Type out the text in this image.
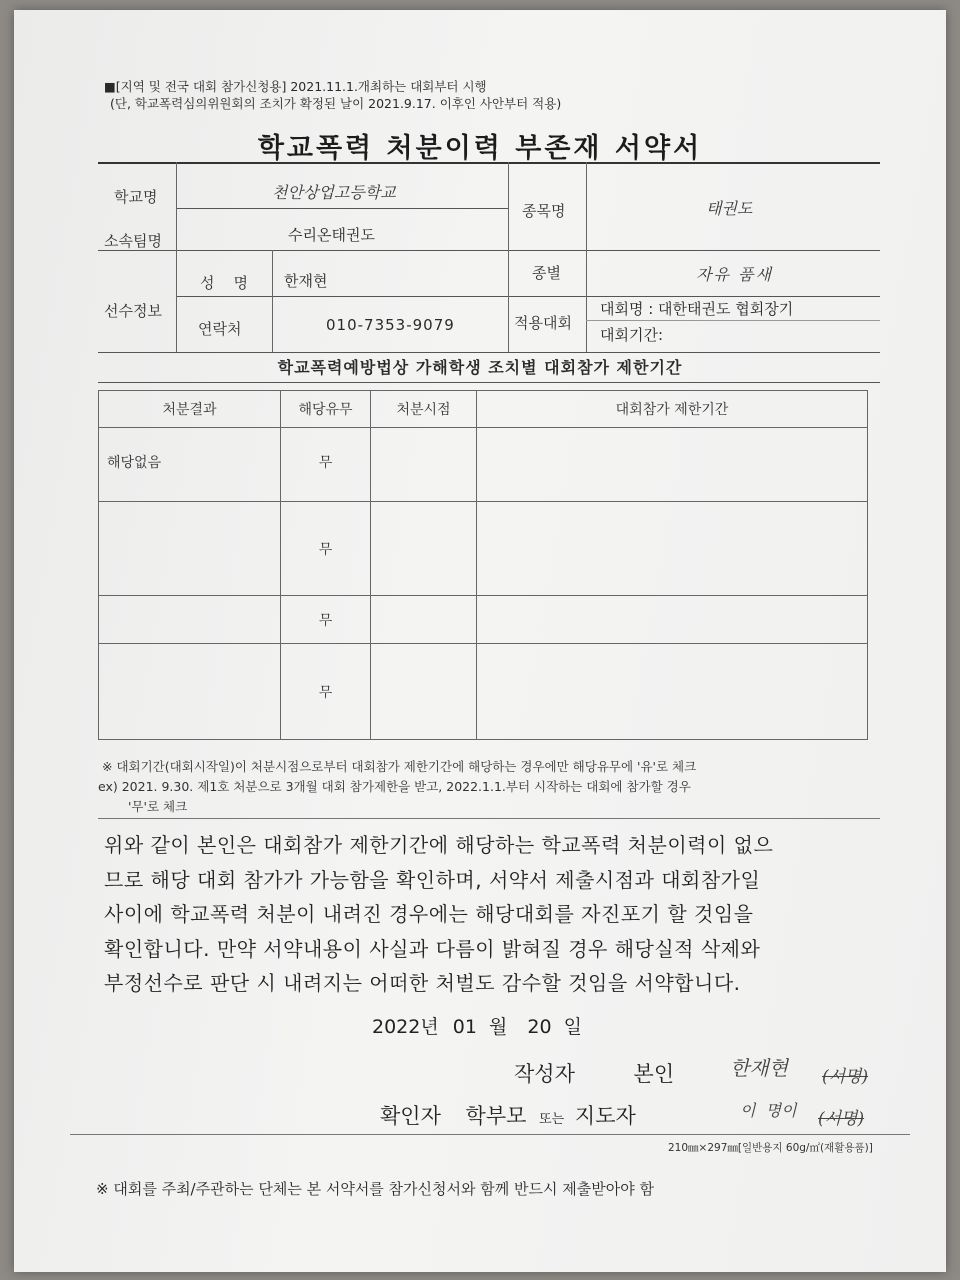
■[지역 및 전국 대회 참가신청용] 2021.11.1.개최하는 대회부터 시행
(단, 학교폭력심의위원회의 조치가 확정된 날이 2021.9.17. 이후인 사안부터 적용)
학교폭력 처분이력 부존재 서약서
학교명	천안상업고등학교
소속팀명	수리온태권도
종목명	태권도
선수정보
성    명 한재현
연락처	010-7353-9079
종별	자유 품새
적용대회
대회명 : 대한태권도 협회장기
대회기간:
학교폭력예방법상 가해학생 조치별 대회참가 제한기간
처분결과	해당유무	처분시점	대회참가 제한기간
해당없음	무		
	무		
	무		
	무		
※ 대회기간(대회시작일)이 처분시점으로부터 대회참가 제한기간에 해당하는 경우에만 해당유무에 '유'로 체크
ex) 2021. 9.30. 제1호 처분으로 3개월 대회 참가제한을 받고, 2022.1.1.부터 시작하는 대회에 참가할 경우
'무'로 체크
위와 같이 본인은 대회참가 제한기간에 해당하는 학교폭력 처분이력이 없으
므로 해당 대회 참가가 가능함을 확인하며, 서약서 제출시점과 대회참가일
사이에 학교폭력 처분이 내려진 경우에는 해당대회를 자진포기 할 것임을
확인합니다. 만약 서약내용이 사실과 다름이 밝혀질 경우 해당실적 삭제와
부정선수로 판단 시 내려지는 어떠한 처벌도 감수할 것임을 서약합니다.
2022년 01 월 20 일
작성자	본인	한재현 (서명)
확인자 학부모 또는 지도자	이  명이 (서명)
210㎜×297㎜[일반용지 60g/㎡(재활용품)]
※ 대회를 주최/주관하는 단체는 본 서약서를 참가신청서와 함께 반드시 제출받아야 함
